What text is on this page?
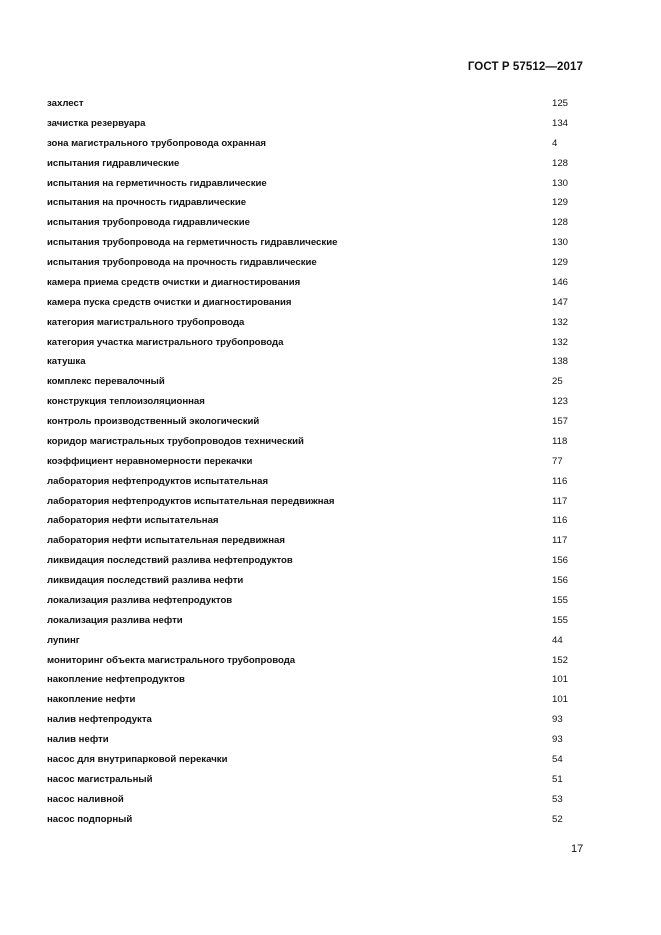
ГОСТ Р 57512—2017
захлест	125
зачистка резервуара	134
зона магистрального трубопровода охранная	4
испытания гидравлические	128
испытания на герметичность гидравлические	130
испытания на прочность гидравлические	129
испытания трубопровода гидравлические	128
испытания трубопровода на герметичность гидравлические	130
испытания трубопровода на прочность гидравлические	129
камера приема средств очистки и диагностирования	146
камера пуска средств очистки и диагностирования	147
категория магистрального трубопровода	132
категория участка магистрального трубопровода	132
катушка	138
комплекс перевалочный	25
конструкция теплоизоляционная	123
контроль производственный экологический	157
коридор магистральных трубопроводов технический	118
коэффициент неравномерности перекачки	77
лаборатория нефтепродуктов испытательная	116
лаборатория нефтепродуктов испытательная передвижная	117
лаборатория нефти испытательная	116
лаборатория нефти испытательная передвижная	117
ликвидация последствий разлива нефтепродуктов	156
ликвидация последствий разлива нефти	156
локализация разлива нефтепродуктов	155
локализация разлива нефти	155
лупинг	44
мониторинг объекта магистрального трубопровода	152
накопление нефтепродуктов	101
накопление нефти	101
налив нефтепродукта	93
налив нефти	93
насос для внутрипарковой перекачки	54
насос магистральный	51
насос наливной	53
насос подпорный	52
17
